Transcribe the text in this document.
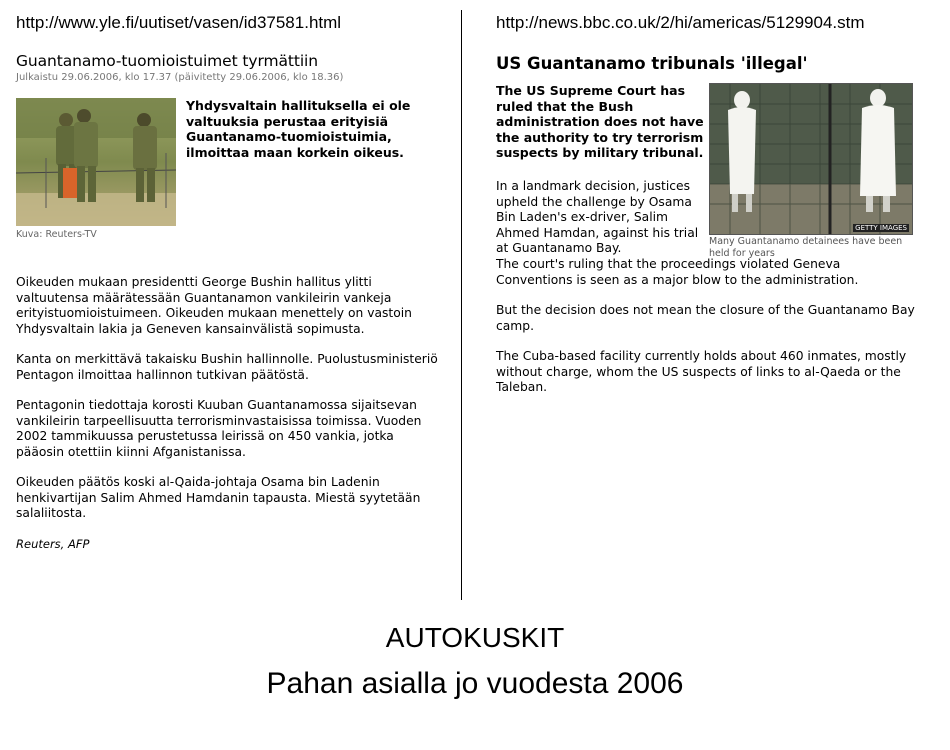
http://www.yle.fi/uutiset/vasen/id37581.html
Guantanamo-tuomioistuimet tyrmättiin
Julkaistu 29.06.2006, klo 17.37 (päivitetty 29.06.2006, klo 18.36)
Kuva: Reuters-TV
Yhdysvaltain hallituksella ei ole valtuuksia perustaa erityisiä Guantanamo-tuomioistuimia, ilmoittaa maan korkein oikeus.

Oikeuden mukaan presidentti George Bushin hallitus ylitti valtuutensa määrätessään Guantanamon vankileirin vankeja erityistuomioistuimeen. Oikeuden mukaan menettely on vastoin Yhdysvaltain lakia ja Geneven kansainvälistä sopimusta.

Kanta on merkittävä takaisku Bushin hallinnolle. Puolustusministeriö Pentagon ilmoittaa hallinnon tutkivan päätöstä.

Pentagonin tiedottaja korosti Kuuban Guantanamossa sijaitsevan vankileirin tarpeellisuutta terrorisminvastaisissa toimissa. Vuoden 2002 tammikuussa perustetussa leirissä on 450 vankia, jotka pääosin otettiin kiinni Afganistanissa.

Oikeuden päätös koski al-Qaida-johtaja Osama bin Ladenin henkivartijan Salim Ahmed Hamdanin tapausta. Miestä syytetään salaliitosta.

Reuters, AFP

http://news.bbc.co.uk/2/hi/americas/5129904.stm
US Guantanamo tribunals 'illegal'
The US Supreme Court has ruled that the Bush administration does not have the authority to try terrorism suspects by military tribunal.
GETTY IMAGES
Many Guantanamo detainees have been held for years
In a landmark decision, justices upheld the challenge by Osama Bin Laden's ex-driver, Salim Ahmed Hamdan, against his trial at Guantanamo Bay.

The court's ruling that the proceedings violated Geneva Conventions is seen as a major blow to the administration.

But the decision does not mean the closure of the Guantanamo Bay camp.

The Cuba-based facility currently holds about 460 inmates, mostly without charge, whom the US suspects of links to al-Qaeda or the Taleban.

AUTOKUSKIT
Pahan asialla jo vuodesta 2006
